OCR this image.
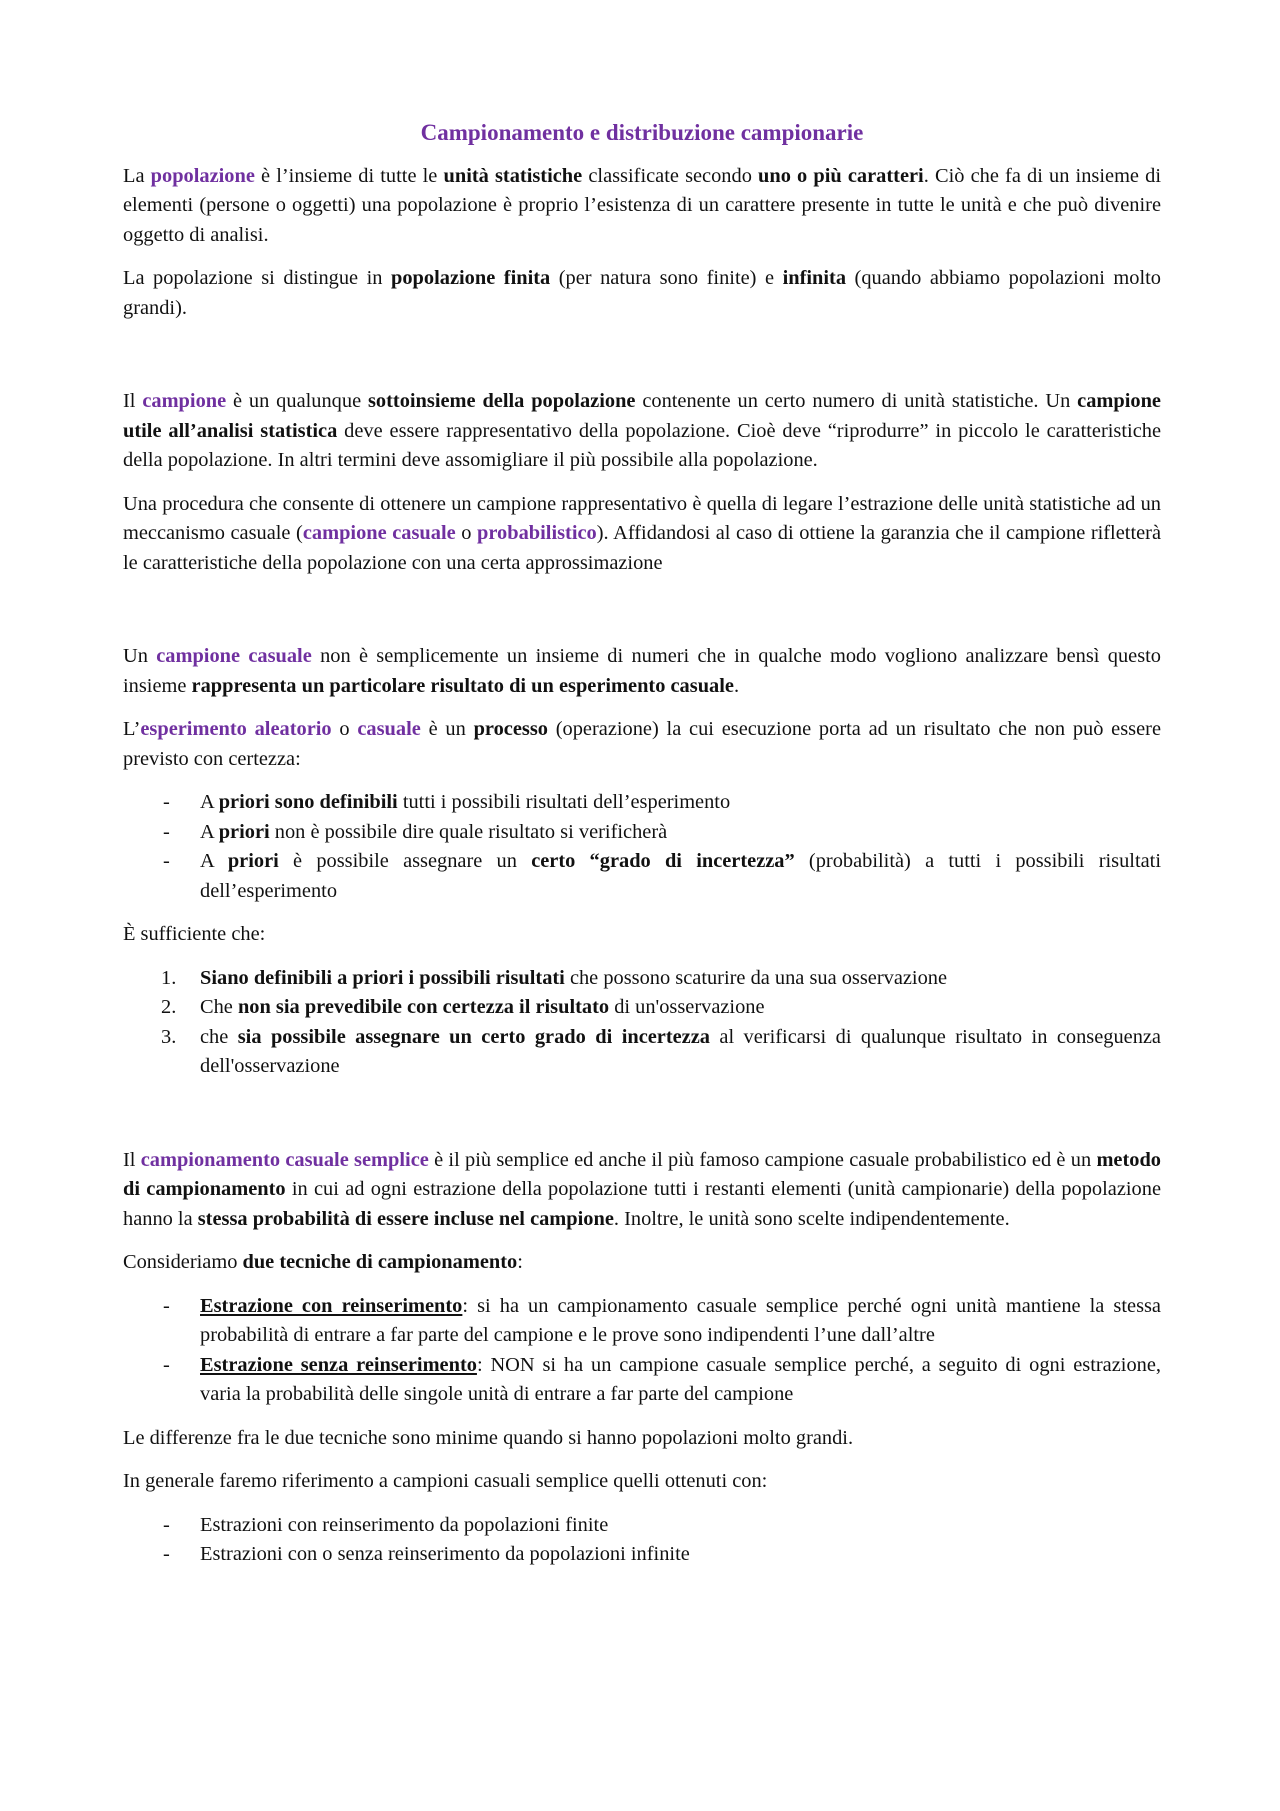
Campionamento e distribuzione campionarie

La popolazione è l’insieme di tutte le unità statistiche classificate secondo uno o più caratteri. Ciò che fa di un insieme di elementi (persone o oggetti) una popolazione è proprio l’esistenza di un carattere presente in tutte le unità e che può divenire oggetto di analisi.

La popolazione si distingue in popolazione finita (per natura sono finite) e infinita (quando abbiamo popolazioni molto grandi).

Il campione è un qualunque sottoinsieme della popolazione contenente un certo numero di unità statistiche. Un campione utile all’analisi statistica deve essere rappresentativo della popolazione. Cioè deve “riprodurre” in piccolo le caratteristiche della popolazione. In altri termini deve assomigliare il più possibile alla popolazione.

Una procedura che consente di ottenere un campione rappresentativo è quella di legare l’estrazione delle unità statistiche ad un meccanismo casuale (campione casuale o probabilistico). Affidandosi al caso di ottiene la garanzia che il campione rifletterà le caratteristiche della popolazione con una certa approssimazione

Un campione casuale non è semplicemente un insieme di numeri che in qualche modo vogliono analizzare bensì questo insieme rappresenta un particolare risultato di un esperimento casuale.

L’esperimento aleatorio o casuale è un processo (operazione) la cui esecuzione porta ad un risultato che non può essere previsto con certezza:

- A priori sono definibili tutti i possibili risultati dell’esperimento
- A priori non è possibile dire quale risultato si verificherà
- A priori è possibile assegnare un certo “grado di incertezza” (probabilità) a tutti i possibili risultati dell’esperimento

È sufficiente che:

1. Siano definibili a priori i possibili risultati che possono scaturire da una sua osservazione
2. Che non sia prevedibile con certezza il risultato di un'osservazione
3. che sia possibile assegnare un certo grado di incertezza al verificarsi di qualunque risultato in conseguenza dell'osservazione

Il campionamento casuale semplice è il più semplice ed anche il più famoso campione casuale probabilistico ed è un metodo di campionamento in cui ad ogni estrazione della popolazione tutti i restanti elementi (unità campionarie) della popolazione hanno la stessa probabilità di essere incluse nel campione. Inoltre, le unità sono scelte indipendentemente.

Consideriamo due tecniche di campionamento:

- Estrazione con reinserimento: si ha un campionamento casuale semplice perché ogni unità mantiene la stessa probabilità di entrare a far parte del campione e le prove sono indipendenti l’une dall’altre
- Estrazione senza reinserimento: NON si ha un campione casuale semplice perché, a seguito di ogni estrazione, varia la probabilità delle singole unità di entrare a far parte del campione

Le differenze fra le due tecniche sono minime quando si hanno popolazioni molto grandi.

In generale faremo riferimento a campioni casuali semplice quelli ottenuti con:

- Estrazioni con reinserimento da popolazioni finite
- Estrazioni con o senza reinserimento da popolazioni infinite
